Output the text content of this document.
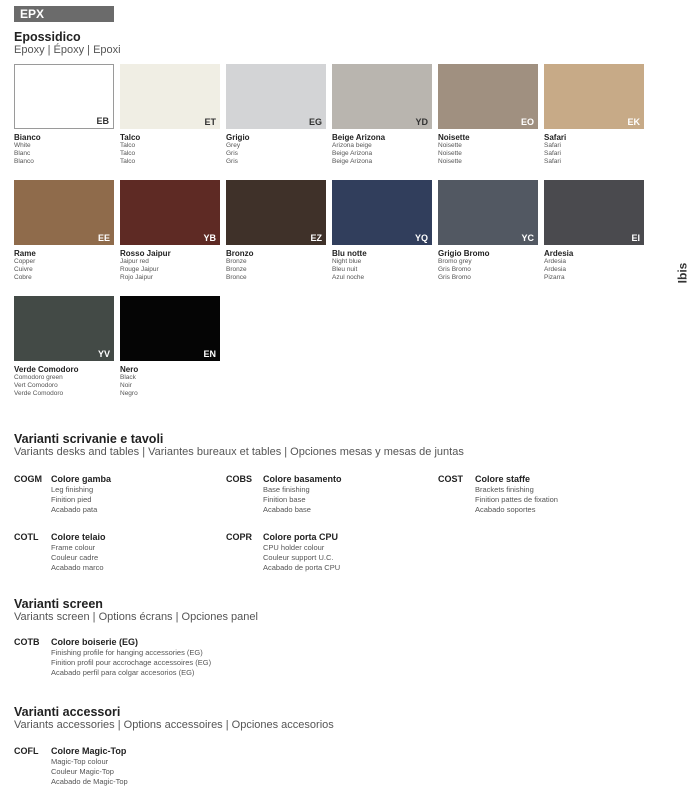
EPX
Ibis
Epossidico
Epoxy | Époxy | Epoxi
EB
Bianco
White
Blanc
Blanco
ET
Talco
Talco
Talco
Talco
EG
Grigio
Grey
Gris
Gris
YD
Beige Arizona
Arizona beige
Beige Arizona
Beige Arizona
EO
Noisette
Noisette
Noisette
Noisette
EK
Safari
Safari
Safari
Safari
EE
Rame
Copper
Cuivre
Cobre
YB
Rosso Jaipur
Jaipur red
Rouge Jaipur
Rojo Jaipur
EZ
Bronzo
Bronze
Bronze
Bronce
YQ
Blu notte
Night blue
Bleu nuit
Azul noche
YC
Grigio Bromo
Bromo grey
Gris Bromo
Gris Bromo
EI
Ardesia
Ardesia
Ardesia
Pizarra
YV
Verde Comodoro
Comodoro green
Vert Comodoro
Verde Comodoro
EN
Nero
Black
Noir
Negro
Varianti scrivanie e tavoli
Variants desks and tables | Variantes bureaux et tables | Opciones mesas y mesas de juntas
COGM Colore gamba
Leg finishing
Finition pied
Acabado pata
COBS Colore basamento
Base finishing
Finition base
Acabado base
COST Colore staffe
Brackets finishing
Finition pattes de fixation
Acabado soportes
COTL Colore telaio
Frame colour
Couleur cadre
Acabado marco
COPR Colore porta CPU
CPU holder colour
Couleur support U.C.
Acabado de porta CPU
Varianti screen
Variants screen | Options écrans | Opciones panel
COTB Colore boiserie (EG)
Finishing profile for hanging accessories (EG)
Finition profil pour accrochage accessoires (EG)
Acabado perfil para colgar accesorios (EG)
Varianti accessori
Variants accessories | Options accessoires | Opciones accesorios
COFL Colore Magic-Top
Magic-Top colour
Couleur Magic-Top
Acabado de Magic-Top
